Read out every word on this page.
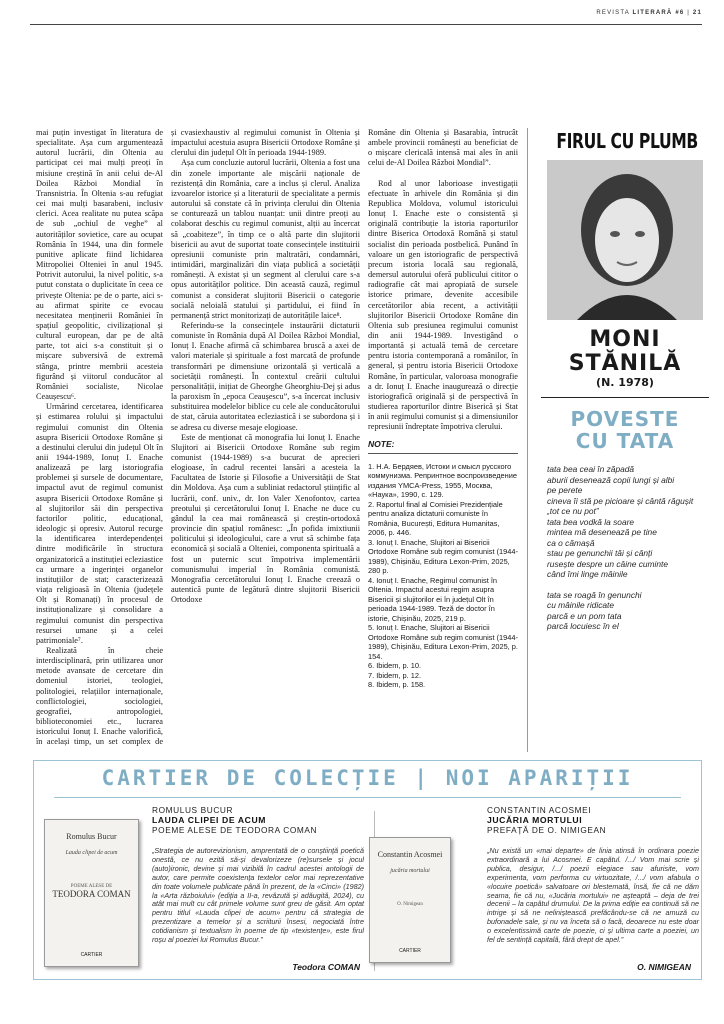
REVISTA LITERARĂ #6 | 21

mai puțin investigat în literatura de specialitate. Așa cum argumentează autorul lucrării, din Oltenia au participat cei mai mulți preoți în misiune creștină în anii celui de-Al Doilea Război Mondial în Transnistria. În Oltenia s-au refugiat cei mai mulți basarabeni, inclusiv clerici. Acea realitate nu putea scăpa de sub „ochiul de veghe” al autorităților sovietice, care au ocupat România în 1944, una din formele punitive aplicate fiind lichidarea Mitropoliei Olteniei în anul 1945. Potrivit autorului, la nivel politic, s-a putut constata o duplicitate în ceea ce privește Oltenia: pe de o parte, aici s-au afirmat spirite ce evocau necesitatea menținerii României în spațiul geopolitic, civilizațional și cultural european, dar pe de altă parte, tot aici s-a constituit și o mișcare subversivă de extremă stânga, printre membrii acesteia figurând și viitorul conducător al României socialiste, Nicolae Ceaușescu⁶.

Urmărind cercetarea, identificarea și estimarea rolului și impactului regimului comunist din Oltenia asupra Bisericii Ortodoxe Române și a destinului clerului din județul Olt în anii 1944-1989, Ionuț I. Enache analizează pe larg istoriografia problemei și sursele de documentare, impactul avut de regimul comunist asupra Bisericii Ortodoxe Române și al slujitorilor săi din perspectiva factorilor politic, educațional, ideologic și opresiv. Autorul recurge la identificarea interdependenței dintre modificările în structura organizatorică a instituției ecleziastice ca urmare a ingerinței organelor instituțiilor de stat; caracterizează viața religioasă în Oltenia (județele Olt și Romanați) în procesul de instituționalizare și consolidare a regimului comunist din perspectiva resursei umane și a celei patrimoniale⁷.

Realizată în cheie interdisciplinară, prin utilizarea unor metode avansate de cercetare din domeniul istoriei, teologiei, politologiei, relațiilor internaționale, conflictologiei, sociologiei, geografiei, antropologiei, biblioteconomiei etc., lucrarea istoricului Ionuț I. Enache valorifică, în același timp, un set complex de

și cvasiexhaustiv al regimului comunist în Oltenia și impactului acestuia asupra Bisericii Ortodoxe Române și clerului din județul Olt în perioada 1944-1989.

Așa cum concluzie autorul lucrării, Oltenia a fost una din zonele importante ale mișcării naționale de rezistență din România, care a inclus și clerul. Analiza izvoarelor istorice și a literaturii de specialitate a permis autorului să constate că în privința clerului din Oltenia se conturează un tablou nuanțat: unii dintre preoți au colaborat deschis cu regimul comunist, alții au încercat să „coabiteze”, în timp ce o altă parte din slujitorii bisericii au avut de suportat toate consecințele instituirii opresiunii comuniste prin maltratări, condamnări, intimidări, marginalizări din viața publică a societății românești. A existat și un segment al clerului care s-a opus autorităților politice. Din această cauză, regimul comunist a considerat slujitorii Bisericii o categorie socială neloială statului și partidului, ei fiind în permanență strict monitorizați de autoritățile laice⁸.

Referindu-se la consecințele instaurării dictaturii comuniste în România după Al Doilea Război Mondial, Ionuț I. Enache afirmă că schimbarea bruscă a axei de valori materiale și spirituale a fost marcată de profunde transformări pe dimensiune orizontală și verticală a societății românești. În contextul creării cultului personalității, inițiat de Gheorghe Gheorghiu-Dej și adus la paroxism în „epoca Ceaușescu”, s-a încercat inclusiv substituirea modelelor biblice cu cele ale conducătorului de stat, căruia autoritatea ecleziastică i se subordona și i se adresa cu diverse mesaje elogioase.

Este de menționat că monografia lui Ionuț I. Enache Slujitori ai Bisericii Ortodoxe Române sub regim comunist (1944-1989) s-a bucurat de aprecieri elogioase, în cadrul recentei lansări a acesteia la Facultatea de Istorie și Filosofie a Universității de Stat din Moldova. Așa cum a subliniat redactorul științific al lucrării, conf. univ., dr. Ion Valer Xenofontov, cartea preotului și cercetătorului Ionuț I. Enache ne duce cu gândul la cea mai românească și creștin-ortodoxă provincie din spațiul românesc: „În pofida imixtiunii politicului și ideologicului, care a vrut să schimbe fața economică și socială a Olteniei, componenta spirituală a fost un puternic scut împotriva implementării comunismului imperial în România comunistă. Monografia cercetătorului Ionuț I. Enache creează o autentică punte de legătură dintre slujitorii Bisericii Ortodoxe

Române din Oltenia și Basarabia, întrucât ambele provincii românești au beneficiat de o mișcare clericală intensă mai ales în anii celui de-Al Doilea Război Mondial”.

Rod al unor laborioase investigații efectuate în arhivele din România și din Republica Moldova, volumul istoricului Ionuț I. Enache este o consistentă și originală contribuție la istoria raporturilor dintre Biserica Ortodoxă Română și statul socialist din perioada postbelică. Punând în valoare un gen istoriografic de perspectivă precum istoria locală sau regională, demersul autorului oferă publicului cititor o radiografie cât mai apropiată de sursele istorice primare, devenite accesibile cercetătorilor abia recent, a activității slujitorilor Bisericii Ortodoxe Române din Oltenia sub presiunea regimului comunist din anii 1944-1989. Investigând o importantă și actuală temă de cercetare pentru istoria contemporană a românilor, în general, și pentru istoria Bisericii Ortodoxe Române, în particular, valoroasa monografie a dr. Ionuț I. Enache inaugurează o direcție istoriografică originală și de perspectivă în studierea raporturilor dintre Biserică și Stat în anii regimului comunist și a dimensiunilor represiunii îndreptate împotriva clerului.

NOTE:
1. Н.А. Бердяев, Истоки и смысл русского коммунизма. Репринтное воспроизведение издания YMCA-Press, 1955, Москва, «Наука», 1990, с. 129.
2. Raportul final al Comisiei Prezidențiale pentru analiza dictaturii comuniste în România, București, Editura Humanitas, 2006, p. 446.
3. Ionuț I. Enache, Slujitori ai Bisericii Ortodoxe Române sub regim comunist (1944-1989), Chișinău, Editura Lexon-Prim, 2025, 280 p.
4. Ionuț I. Enache, Regimul comunist în Oltenia. Impactul acestui regim asupra Bisericii și slujitorilor ei în județul Olt în perioada 1944-1989. Teză de doctor în istorie, Chișinău, 2025, 219 p.
5. Ionuț I. Enache, Slujitori ai Bisericii Ortodoxe Române sub regim comunist (1944-1989), Chișinău, Editura Lexon-Prim, 2025, p. 154.
6. Ibidem, p. 10.
7. Ibidem, p. 12.
8. Ibidem, p. 158.
FIRUL CU PLUMB
MONI
STĂNILĂ
(N. 1978)
POVESTE
CU TATA
tata bea ceai în zăpadă
aburii desenează copii lungi și albi
pe perete
cineva îi stă pe picioare și cântă răgușit
„tot ce nu pot”
tata bea vodkă la soare
mintea mă desenează pe tine
ca o cămașă
stau pe genunchii tăi și cânți
rusește despre un câine cuminte
când îmi linge mâinile
tata se roagă în genunchi
cu mâinile ridicate
parcă e un pom tata
parcă locuiesc în el
CARTIER DE COLECȚIE | NOI APARIȚII
Romulus Bucur
Lauda clipei de acum
POEME ALESE DE
TEODORA COMAN
CARTIER
ROMULUS BUCUR
LAUDA CLIPEI DE ACUM
POEME ALESE DE TEODORA COMAN
„Strategia de autorevizionism, amprentată de o conștiință poetică onestă, ce nu ezită să-și devalorizeze (re)sursele și jocul (auto)ironic, devine și mai vizibilă în cadrul acestei antologii de autor, care permite coexistența textelor celor mai reprezentative din toate volumele publicate până în prezent, de la «Cinci» (1982) la «Arta războiului» (ediția a II-a, revăzută și adăugită, 2024), cu atât mai mult cu cât primele volume sunt greu de găsit. Am optat pentru titlul «Lauda clipei de acum» pentru că strategia de prezentizare a temelor și a scriiturii însesi, negociată între cotidianism și textualism în poeme de tip «texistențe», este firul roșu al poeziei lui Romulus Bucur.”
Teodora COMAN
Constantin Acosmei
jucăria mortului
O. Nimigean
CARTIER
CONSTANTIN ACOSMEI
JUCĂRIA MORTULUI
PREFAȚĂ DE O. NIMIGEAN
„Nu există un «mai departe» de linia atinsă în ordinara poezie extraordinară a lui Acosmei. E capătul. /.../ Vom mai scrie și publica, desigur, /.../ poezii elegiace sau afurisite, vom experimenta, vom performa cu virtuozitate, /.../ vom afabula o «locuire poetică» salvatoare ori blestemată, însă, fie că ne dăm seama, fie că nu, «Jucăria mortului» ne așteaptă – deja de trei decenii – la capătul drumului. De la prima ediție ea continuă să ne intrige și să ne neliniștească prefăcându-se că ne amuză cu bufonadele sale, și nu va înceta să o facă, deoarece nu este doar o excelentissimă carte de poezie, ci și ultima carte a poeziei, un fel de sentință capitală, fără drept de apel.”
O. NIMIGEAN
